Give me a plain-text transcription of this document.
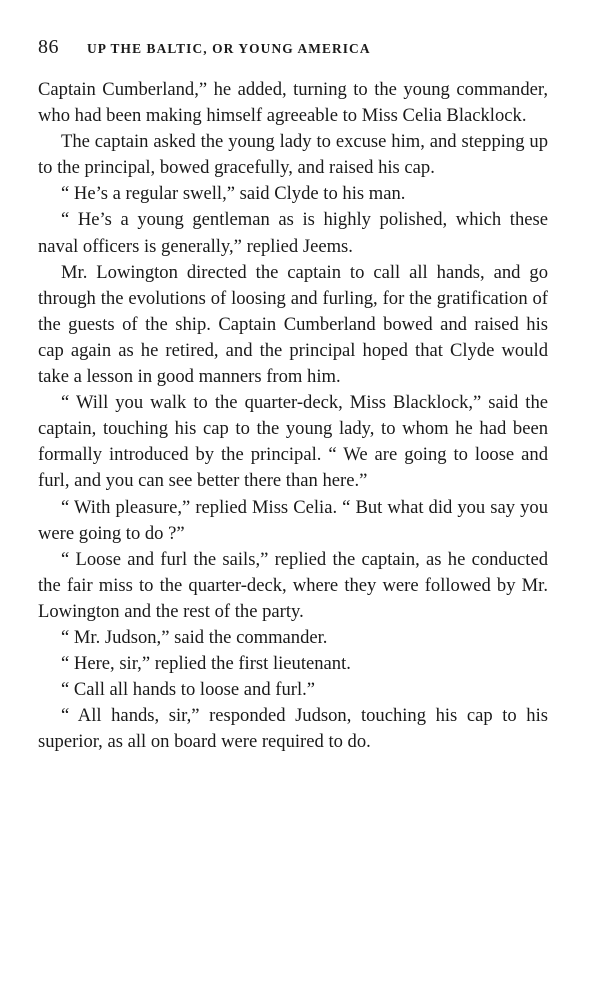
86 UP THE BALTIC, OR YOUNG AMERICA

Captain Cumberland,” he added, turning to the young commander, who had been making himself agreeable to Miss Celia Blacklock.

The captain asked the young lady to excuse him, and stepping up to the principal, bowed gracefully, and raised his cap.

“ He’s a regular swell,” said Clyde to his man.

“ He’s a young gentleman as is highly polished, which these naval officers is generally,” replied Jeems.

Mr. Lowington directed the captain to call all hands, and go through the evolutions of loosing and furling, for the gratification of the guests of the ship. Captain Cumberland bowed and raised his cap again as he retired, and the principal hoped that Clyde would take a lesson in good manners from him.

“ Will you walk to the quarter-deck, Miss Blacklock,” said the captain, touching his cap to the young lady, to whom he had been formally introduced by the principal. “ We are going to loose and furl, and you can see better there than here.”

“ With pleasure,” replied Miss Celia. “ But what did you say you were going to do ?”

“ Loose and furl the sails,” replied the captain, as he conducted the fair miss to the quarter-deck, where they were followed by Mr. Lowington and the rest of the party.

“ Mr. Judson,” said the commander.

“ Here, sir,” replied the first lieutenant.

“ Call all hands to loose and furl.”

“ All hands, sir,” responded Judson, touching his cap to his superior, as all on board were required to do.
